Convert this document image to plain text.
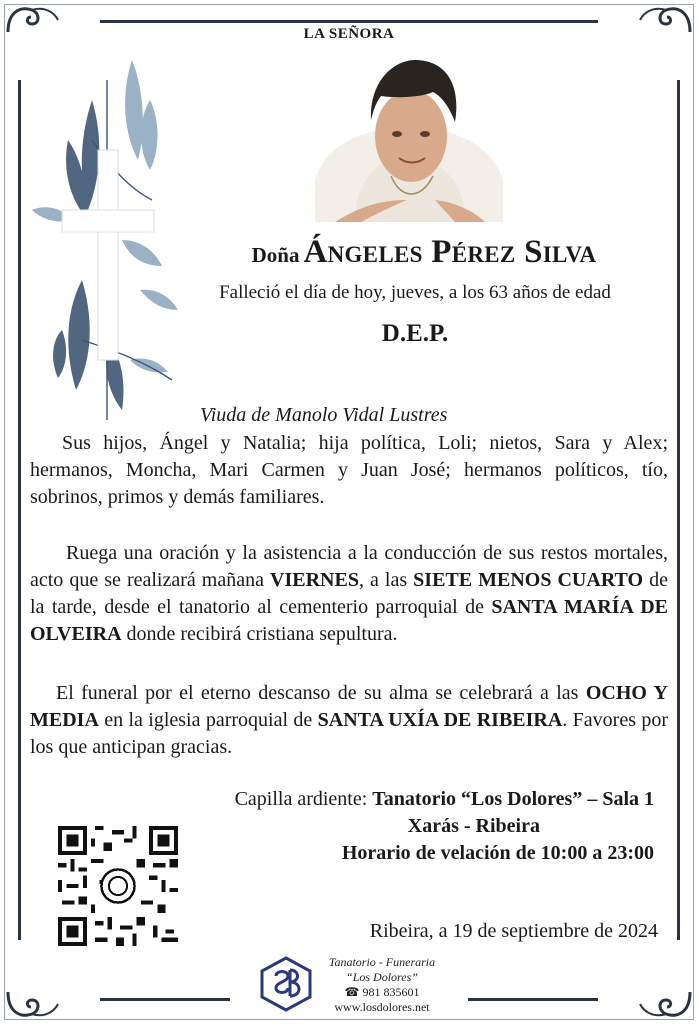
LA SEÑORA
Doña Ángeles Pérez Silva
Falleció el día de hoy, jueves, a los 63 años de edad
D.E.P.
Viuda de Manolo Vidal Lustres
Sus hijos, Ángel y Natalia; hija política, Loli; nietos, Sara y Alex; hermanos, Moncha, Mari Carmen y Juan José; hermanos políticos, tío, sobrinos, primos y demás familiares.
Ruega una oración y la asistencia a la conducción de sus restos mortales, acto que se realizará mañana VIERNES, a las SIETE MENOS CUARTO de la tarde, desde el tanatorio al cementerio parroquial de SANTA MARÍA DE OLVEIRA donde recibirá cristiana sepultura.
El funeral por el eterno descanso de su alma se celebrará a las OCHO Y MEDIA en la iglesia parroquial de SANTA UXÍA DE RIBEIRA. Favores por los que anticipan gracias.
Capilla ardiente: Tanatorio “Los Dolores” – Sala 1
Xarás - Ribeira
Horario de velación de 10:00 a 23:00
Ribeira, a 19 de septiembre de 2024
Tanatorio - Funeraria
“Los Dolores”
☎ 981 835601
www.losdolores.net
